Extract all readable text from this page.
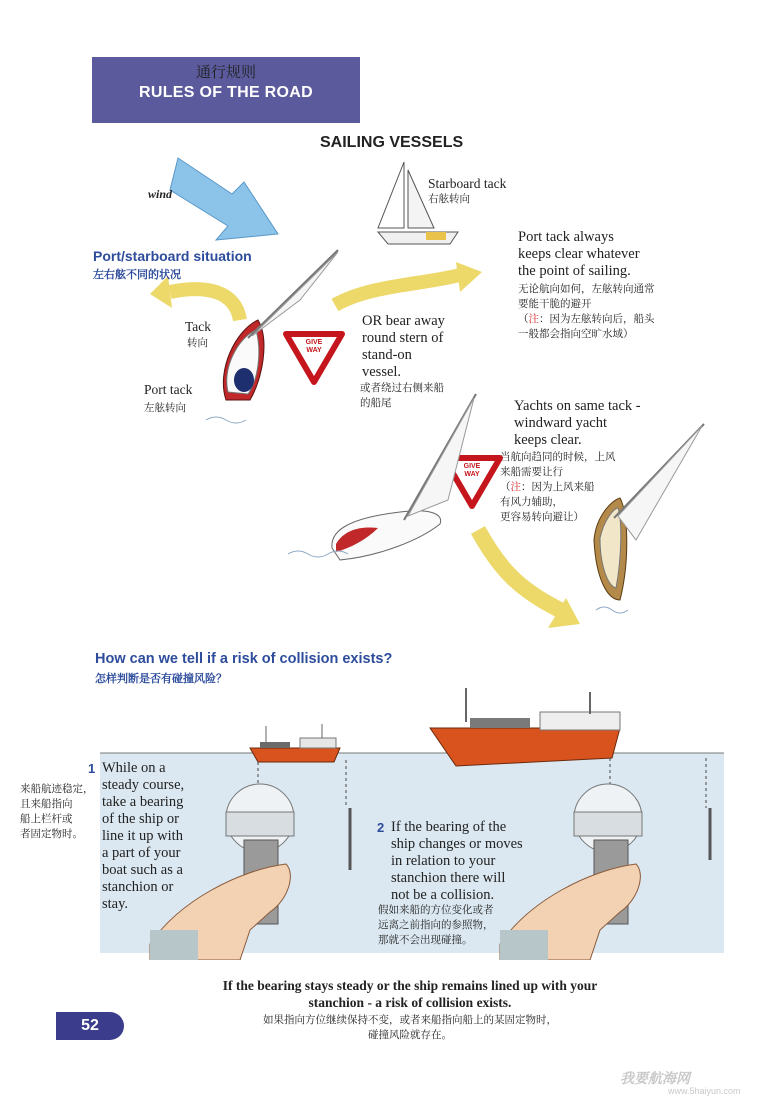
通行规则
RULES OF THE ROAD
SAILING VESSELS
wind
Starboard tack
右舷转向
Port/starboard situation
左右舷不同的状况
Tack
转向
Port tack
左舷转向
GIVE
WAY
GIVE
WAY
OR bear away
round stern of
stand-on
vessel.
或者绕过右侧来船
的船尾
Port tack always
keeps clear whatever
the point of sailing.
无论航向如何，左舷转向通常
要能干脆的避开
（注：因为左舷转向后，船头
一般都会指向空旷水域）
Yachts on same tack -
windward yacht
keeps clear.
当航向趋同的时候，上风
来船需要让行
（注：因为上风来船
有风力辅助，
更容易转向避让）
How can we tell if a risk of collision exists?
怎样判断是否有碰撞风险？
1 While on a
steady course,
take a bearing
of the ship or
line it up with
a part of your
boat such as a
stanchion or
stay.
来船航迹稳定，
且来船指向
船上栏杆或
者固定物时。	2 If the bearing of the
ship changes or moves
in relation to your
stanchion there will
not be a collision.
假如来船的方位变化或者
远离之前指向的参照物，
那就不会出现碰撞。
If the bearing stays steady or the ship remains lined up with your
stanchion - a risk of collision exists.
如果指向方位继续保持不变，或者来船指向船上的某固定物时，
碰撞风险就存在。
52
我要航海网
www.5haiyun.com
